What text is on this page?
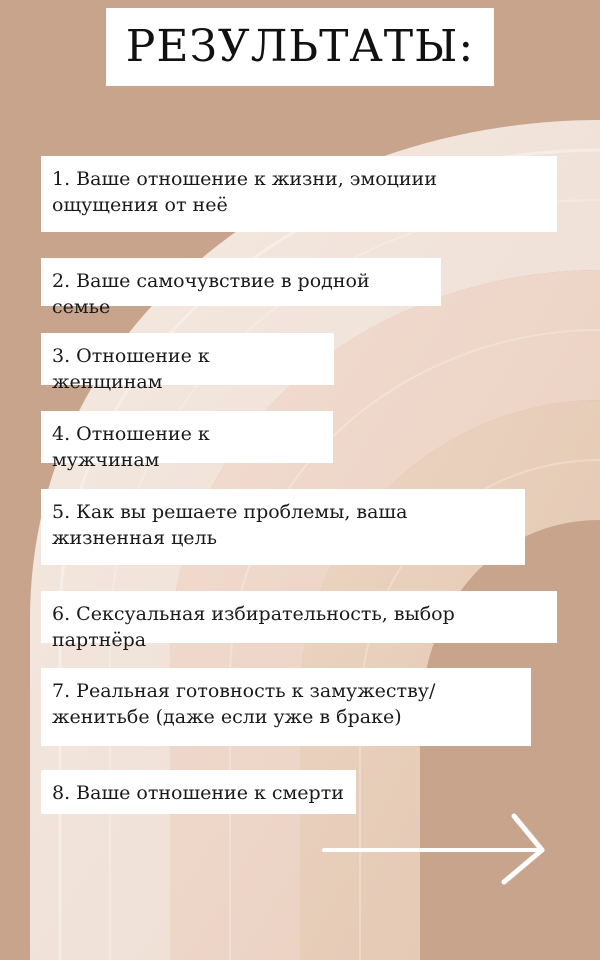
РЕЗУЛЬТАТЫ:
1. Ваше отношение к жизни, эмоциии ощущения от неё
2. Ваше самочувствие в родной семье
3. Отношение к женщинам
4. Отношение к мужчинам
5. Как вы решаете проблемы, ваша жизненная цель
6. Сексуальная избирательность, выбор партнёра
7. Реальная готовность к замужеству/женитьбе (даже если уже в браке)
8. Ваше отношение к смерти
